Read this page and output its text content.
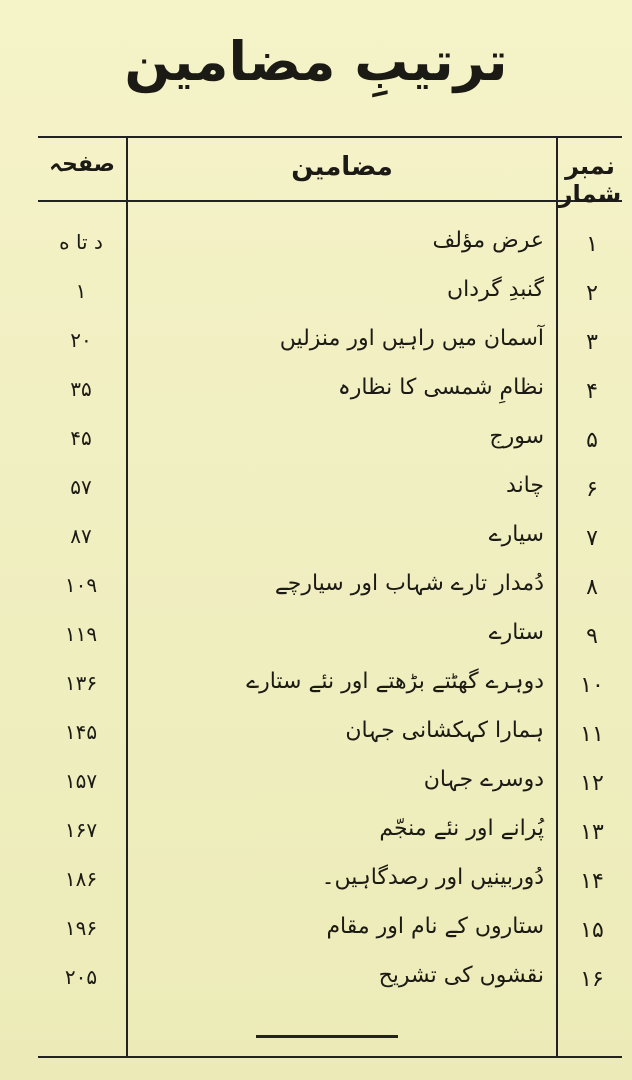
ترتیبِ مضامین
نمبر شمار
مضامین
صفحہ
۱
عرض مؤلف
د تا ه
۲
گنبدِ گرداں
۱
۳
آسمان میں راہیں اور منزلیں
۲۰
۴
نظامِ شمسی کا نظارہ
۳۵
۵
سورج
۴۵
۶
چاند
۵۷
۷
سیارے
۸۷
۸
دُمدار تارے شہاب اور سیارچے
۱۰۹
۹
ستارے
۱۱۹
۱۰
دوہرے گھٹتے بڑھتے اور نئے ستارے
۱۳۶
۱۱
ہمارا کہکشانی جہان
۱۴۵
۱۲
دوسرے جہان
۱۵۷
۱۳
پُرانے اور نئے منجّم
۱۶۷
۱۴
دُوربینیں اور رصدگاہیں۔
۱۸۶
۱۵
ستاروں کے نام اور مقام
۱۹۶
۱۶
نقشوں کی تشریح
۲۰۵
